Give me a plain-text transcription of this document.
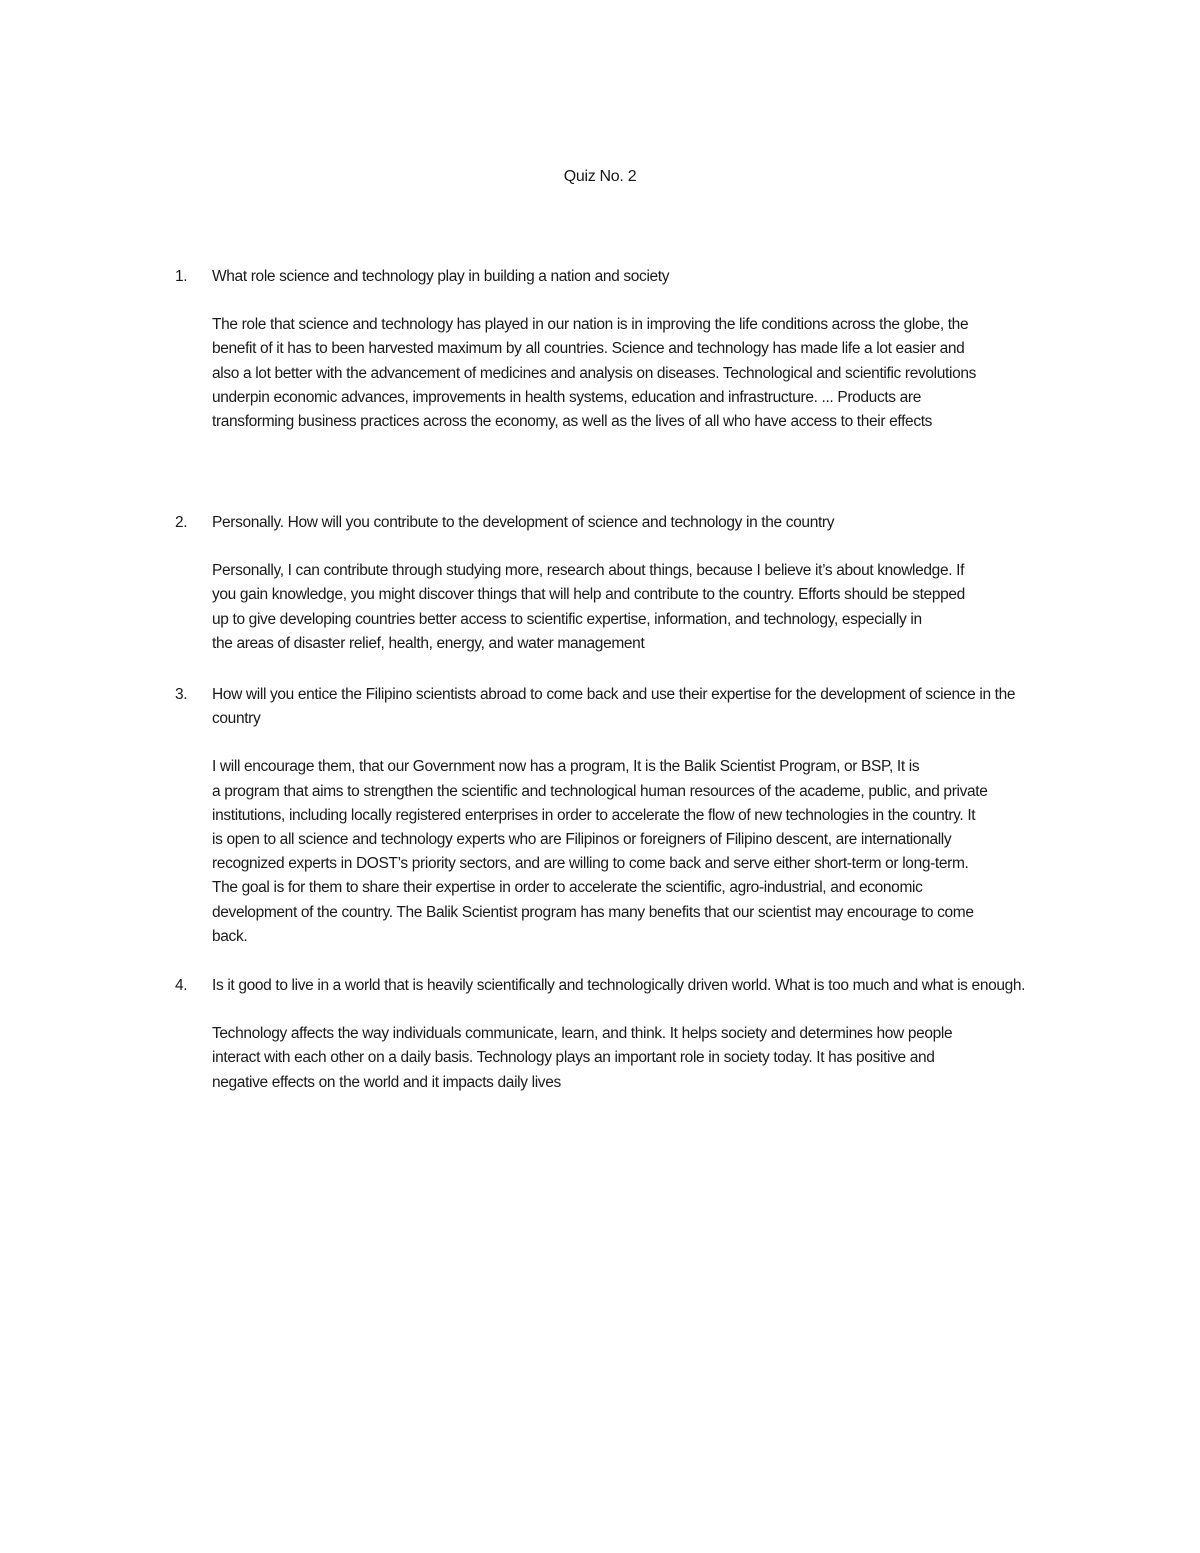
Quiz No. 2
1.	What role science and technology play in building a nation and society
The role that science and technology has played in our nation is in improving the life conditions across the globe, the
benefit of it has to been harvested maximum by all countries. Science and technology has made life a lot easier and
also a lot better with the advancement of medicines and analysis on diseases. Technological and scientific revolutions
underpin economic advances, improvements in health systems, education and infrastructure. ... Products are
transforming business practices across the economy, as well as the lives of all who have access to their effects
2.	Personally. How will you contribute to the development of science and technology in the country
Personally, I can contribute through studying more, research about things, because I believe it’s about knowledge. If
you gain knowledge, you might discover things that will help and contribute to the country. Efforts should be stepped
up to give developing countries better access to scientific expertise, information, and technology, especially in
the areas of disaster relief, health, energy, and water management
3.	How will you entice the Filipino scientists abroad to come back and use their expertise for the development of science in the country
I will encourage them, that our Government now has a program, It is the Balik Scientist Program, or BSP, It is
a program that aims to strengthen the scientific and technological human resources of the academe, public, and private
institutions, including locally registered enterprises in order to accelerate the flow of new technologies in the country. It
is open to all science and technology experts who are Filipinos or foreigners of Filipino descent, are internationally
recognized experts in DOST’s priority sectors, and are willing to come back and serve either short-term or long-term.
The goal is for them to share their expertise in order to accelerate the scientific, agro-industrial, and economic
development of the country. The Balik Scientist program has many benefits that our scientist may encourage to come
back.
4.	Is it good to live in a world that is heavily scientifically and technologically driven world. What is too much and what is enough.
Technology affects the way individuals communicate, learn, and think. It helps society and determines how people
interact with each other on a daily basis. Technology plays an important role in society today. It has positive and
negative effects on the world and it impacts daily lives
